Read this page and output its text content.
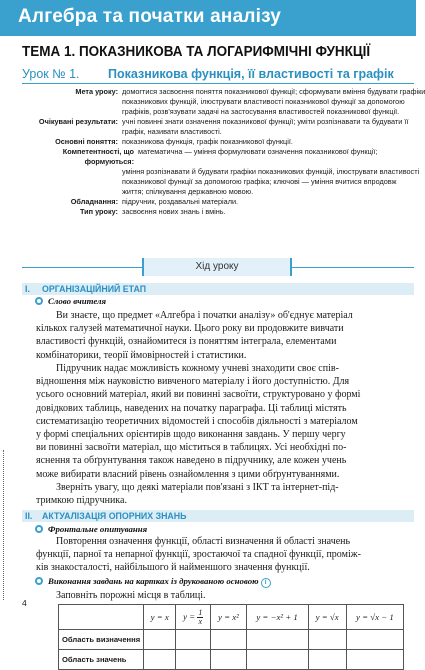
Алгебра та початки аналізу
ТЕМА 1. ПОКАЗНИКОВА ТА ЛОГАРИФМІЧНІ ФУНКЦІЇ
Урок № 1. Показникова функція, її властивості та графік
Мета уроку: домогтися засвоєння поняття показникової функції; сформувати вміння будувати графіки
показникових функцій, ілюструвати властивості показникової функції за допомогою
графіків, розв'язувати задачі на застосування властивостей показникової функції.
Очікувані результати: учні повинні знати означення показникової функції; уміти розпізнавати та будувати її
графік, називати властивості.
Основні поняття: показникова функція, графік показникової функції.
Компетентності, що формуються:
математична — уміння формулювати означення показникової функції;
уміння розпізнавати й будувати графіки показникових функцій, ілюструвати властивості
показникової функції за допомогою графіка; ключові — уміння вчитися впродовж
життя; спілкування державною мовою.
Обладнання: підручник, роздавальні матеріали.
Тип уроку: засвоєння нових знань і вмінь.
Хід уроку
I. ОРГАНІЗАЦІЙНИЙ ЕТАП
Слово вчителя
Ви знаєте, що предмет «Алгебра і початки аналізу» об'єднує матеріал
кількох галузей математичної науки. Цього року ви продовжите вивчати
властивості функцій, ознайомитеся із поняттям інтеграла, елементами
комбінаторики, теорії ймовірностей і статистики.
Підручник надає можливість кожному учневі знаходити своє спів-
відношення між науковістю вивченого матеріалу і його доступністю. Для
усього основний матеріал, який ви повинні засвоїти, структуровано у формі
довідкових таблиць, наведених на початку параграфа. Ці таблиці містять
систематизацію теоретичних відомостей і способів діяльності з матеріалом
у формі спеціальних орієнтирів щодо виконання завдань. У першу чергу
ви повинні засвоїти матеріал, що міститься в таблицях. Усі необхідні по-
яснення та обґрунтування також наведено в підручнику, але кожен учень
може вибирати власний рівень ознайомлення з цими обґрунтуваннями.
Зверніть увагу, що деякі матеріали пов'язані з ІКТ та інтернет-під-
тримкою підручника.
II. АКТУАЛІЗАЦІЯ ОПОРНИХ ЗНАНЬ
Фронтальне опитування
Повторення означення функції, області визначення й області значень
функції, парної та непарної функції, зростаючої та спадної функції, проміж-
ків знакосталості, найбільшого й найменшого значення функції.
Виконання завдань на картках із друкованою основою i
Заповніть порожні місця в таблиці.
	y = x	$y = \frac{1}{x}$	y = x²	y = −x² + 1	y = √x	y = √x − 1
Область визначення						
Область значень						
4
